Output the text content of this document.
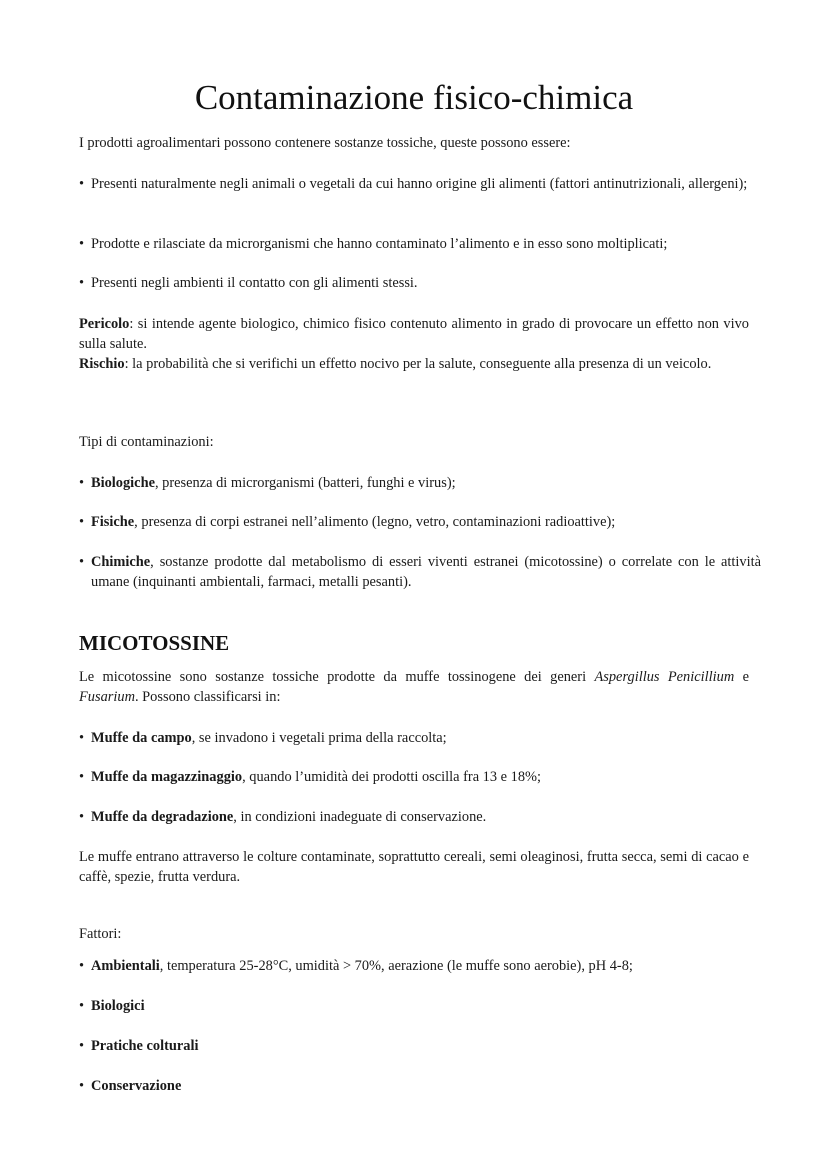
Contaminazione fisico-chimica

I prodotti agroalimentari possono contenere sostanze tossiche, queste possono essere:

• Presenti naturalmente negli animali o vegetali da cui hanno origine gli alimenti (fattori antinutrizionali, allergeni);
• Prodotte e rilasciate da microrganismi che hanno contaminato l’alimento e in esso sono moltiplicati;
• Presenti negli ambienti il contatto con gli alimenti stessi.

Pericolo: si intende agente biologico, chimico fisico contenuto alimento in grado di provocare un effetto non vivo sulla salute.

Rischio: la probabilità che si verifichi un effetto nocivo per la salute, conseguente alla presenza di un veicolo.

Tipi di contaminazioni:

• Biologiche, presenza di microrganismi (batteri, funghi e virus);
• Fisiche, presenza di corpi estranei nell’alimento (legno, vetro, contaminazioni radioattive);
• Chimiche, sostanze prodotte dal metabolismo di esseri viventi estranei (micotossine) o correlate con le attività umane (inquinanti ambientali, farmaci, metalli pesanti).
MICOTOSSINE

Le micotossine sono sostanze tossiche prodotte da muffe tossinogene dei generi Aspergillus Penicillium e Fusarium. Possono classificarsi in:

• Muffe da campo, se invadono i vegetali prima della raccolta;
• Muffe da magazzinaggio, quando l’umidità dei prodotti oscilla fra 13 e 18%;
• Muffe da degradazione, in condizioni inadeguate di conservazione.

Le muffe entrano attraverso le colture contaminate, soprattutto cereali, semi oleaginosi, frutta secca, semi di cacao e caffè, spezie, frutta verdura.

Fattori:

• Ambientali, temperatura 25-28°C, umidità > 70%, aerazione (le muffe sono aerobie), pH 4-8;
• Biologici
• Pratiche colturali
• Conservazione
